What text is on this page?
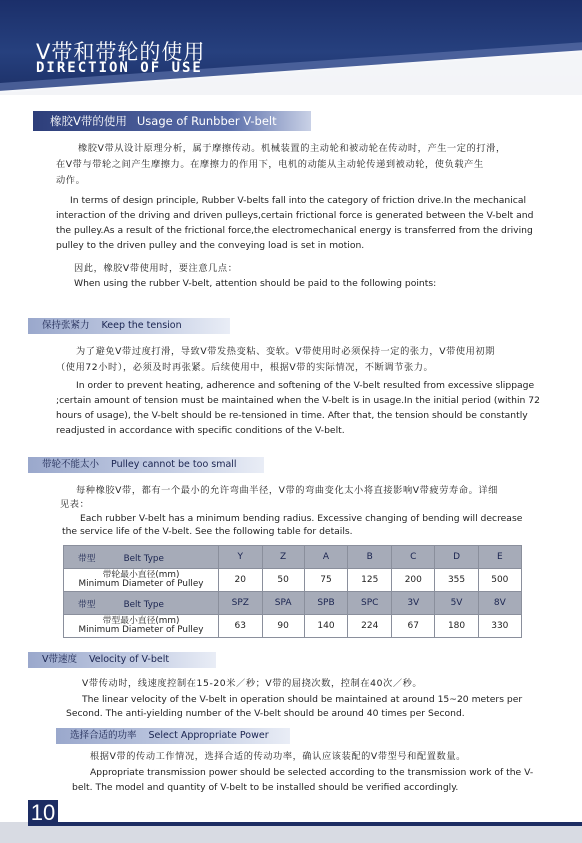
V带和带轮的使用
DIRECTION OF USE
橡胶V带的使用 Usage of Runbber V-belt
橡胶V带从设计原理分析，属于摩擦传动。机械装置的主动轮和被动轮在传动时，产生一定的打滑，
在V带与带轮之间产生摩擦力。在摩擦力的作用下，电机的动能从主动轮传递到被动轮，使负载产生
动作。
In terms of design principle, Rubber V-belts fall into the category of friction drive.In the mechanical
interaction of the driving and driven pulleys,certain frictional force is generated between the V-belt and
the pulley.As a result of the frictional force,the electromechanical energy is transferred from the driving
pulley to the driven pulley and the conveying load is set in motion.
因此，橡胶V带使用时，要注意几点：
When using the rubber V-belt, attention should be paid to the following points:
保持张紧力 Keep the tension
为了避免V带过度打滑，导致V带发热变粘、变软。V带使用时必须保持一定的张力，V带使用初期
（使用72小时），必须及时再张紧。后续使用中，根据V带的实际情况，不断调节张力。
In order to prevent heating, adherence and softening of the V-belt resulted from excessive slippage
;certain amount of tension must be maintained when the V-belt is in usage.In the initial period (within 72
hours of usage), the V-belt should be re-tensioned in time. After that, the tension should be constantly
readjusted in accordance with specific conditions of the V-belt.
带轮不能太小 Pulley cannot be too small
每种橡胶V带，都有一个最小的允许弯曲半径，V带的弯曲变化太小将直接影响V带疲劳寿命。详细
见表：
Each rubber V-belt has a minimum bending radius. Excessive changing of bending will decrease
the service life of the V-belt. See the following table for details.
带型 Belt Type	Y	Z	A	B	C	D	E

带轮最小直径(mm)
Minimum Diameter of Pulley	20	50	75	125	200	355	500
带型 Belt Type	SPZ	SPA	SPB	SPC	3V	5V	8V

带型最小直径(mm)
Minimum Diameter of Pulley	63	90	140	224	67	180	330
V带速度 Velocity of V-belt
V带传动时，线速度控制在15-20米／秒；V带的屈挠次数，控制在40次／秒。
The linear velocity of the V-belt in operation should be maintained at around 15~20 meters per
Second. The anti-yielding number of the V-belt should be around 40 times per Second.
选择合适的功率 Select Appropriate Power
根据V带的传动工作情况，选择合适的传动功率，确认应该装配的V带型号和配置数量。
Appropriate transmission power should be selected according to the transmission work of the V-
belt. The model and quantity of V-belt to be installed should be verified accordingly.
10
